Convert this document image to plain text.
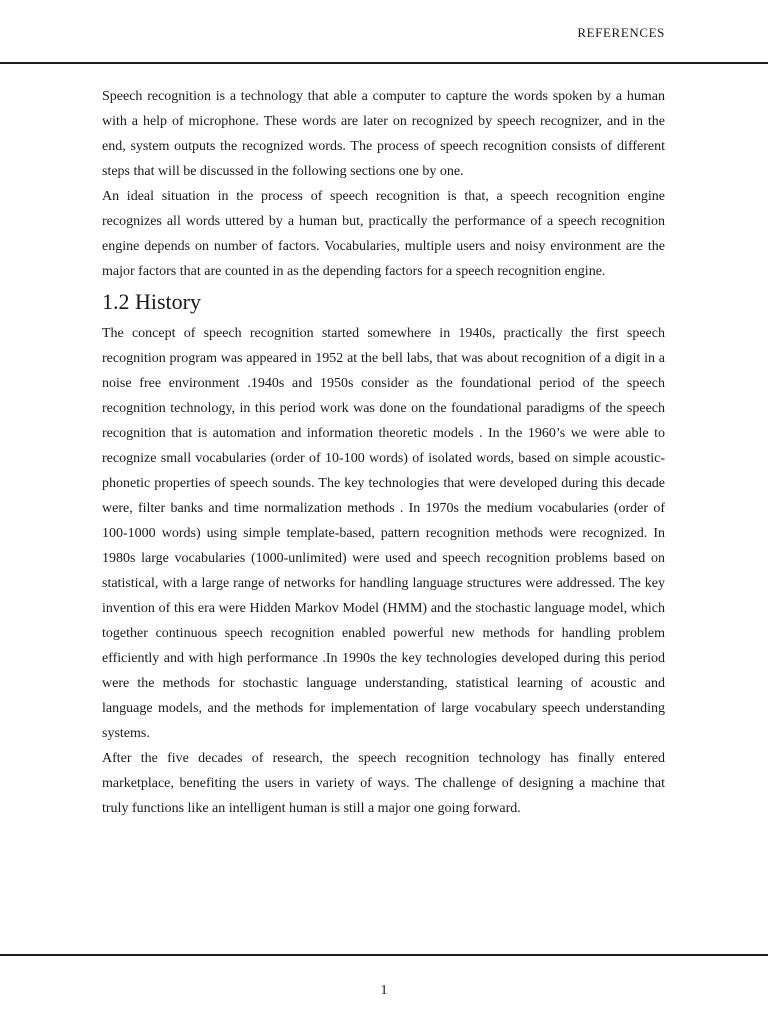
REFERENCES

Speech recognition is a technology that able a computer to capture the words spoken by a human with a help of microphone. These words are later on recognized by speech recognizer, and in the end, system outputs the recognized words. The process of speech recognition consists of different steps that will be discussed in the following sections one by one.

An ideal situation in the process of speech recognition is that, a speech recognition engine recognizes all words uttered by a human but, practically the performance of a speech recognition engine depends on number of factors. Vocabularies, multiple users and noisy environment are the major factors that are counted in as the depending factors for a speech recognition engine.

1.2 History

The concept of speech recognition started somewhere in 1940s, practically the first speech recognition program was appeared in 1952 at the bell labs, that was about recognition of a digit in a noise free environment .1940s and 1950s consider as the foundational period of the speech recognition technology, in this period work was done on the foundational paradigms of the speech recognition that is automation and information theoretic models . In the 1960’s we were able to recognize small vocabularies (order of 10-100 words) of isolated words, based on simple acoustic-phonetic properties of speech sounds. The key technologies that were developed during this decade were, filter banks and time normalization methods . In 1970s the medium vocabularies (order of 100-1000 words) using simple template-based, pattern recognition methods were recognized. In 1980s large vocabularies (1000-unlimited) were used and speech recognition problems based on statistical, with a large range of networks for handling language structures were addressed. The key invention of this era were Hidden Markov Model (HMM) and the stochastic language model, which together continuous speech recognition enabled powerful new methods for handling problem efficiently and with high performance .In 1990s the key technologies developed during this period were the methods for stochastic language understanding, statistical learning of acoustic and language models, and the methods for implementation of large vocabulary speech understanding systems.

After the five decades of research, the speech recognition technology has finally entered marketplace, benefiting the users in variety of ways. The challenge of designing a machine that truly functions like an intelligent human is still a major one going forward.

1
